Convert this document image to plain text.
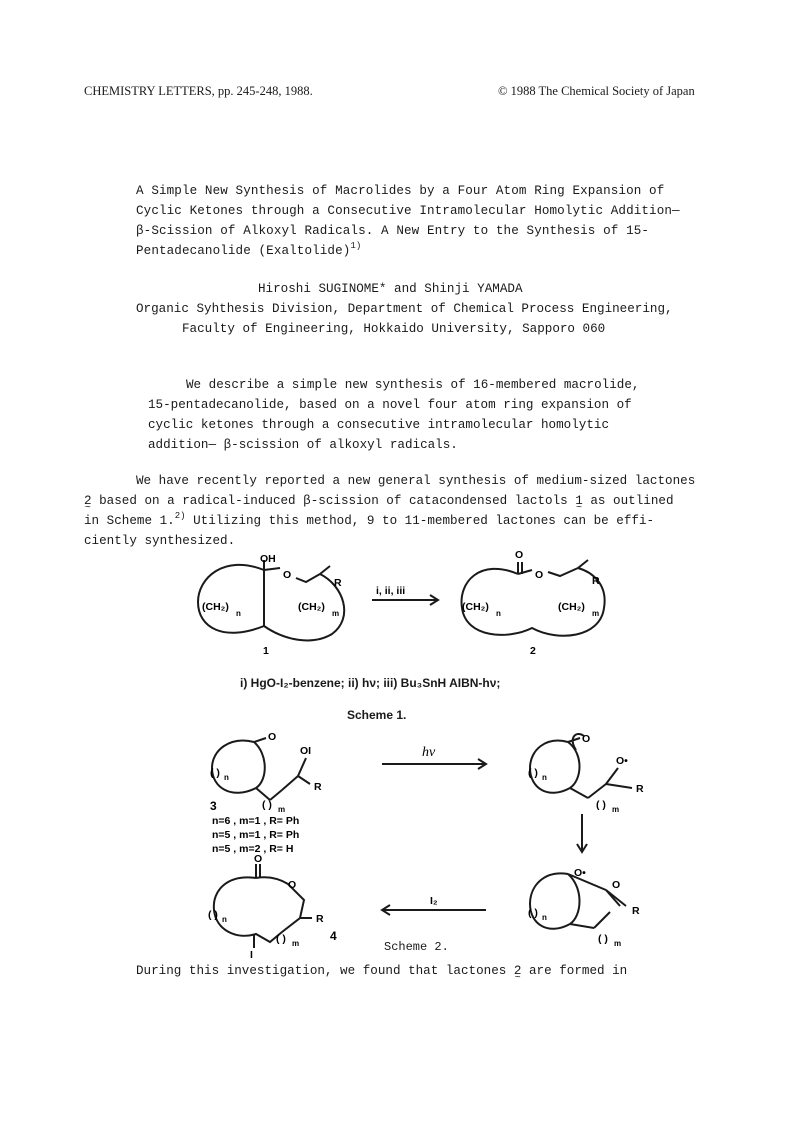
CHEMISTRY LETTERS, pp. 245-248, 1988.	© 1988 The Chemical Society of Japan
A Simple New Synthesis of Macrolides by a Four Atom Ring Expansion of
Cyclic Ketones through a Consecutive Intramolecular Homolytic Addition—
β-Scission of Alkoxyl Radicals. A New Entry to the Synthesis of 15-
Pentadecanolide (Exaltolide)$^{1)}$
Hiroshi SUGINOME* and Shinji YAMADA
Organic Syhthesis Division, Department of Chemical Process Engineering,
Faculty of Engineering, Hokkaido University, Sapporo 060
We describe a simple new synthesis of 16-membered macrolide,
15-pentadecanolide, based on a novel four atom ring expansion of
cyclic ketones through a consecutive intramolecular homolytic
addition— β-scission of alkoxyl radicals.
We have recently reported a new general synthesis of medium-sized lactones
2 ~ based on a radical-induced β-scission of catacondensed lactols 1 ~ as outlined
in Scheme 1.$^{2)}$ Utilizing this method, 9 to 11-membered lactones can be effi-
ciently synthesized.
OH
O
R
(CH₂)
n
(CH₂)
m
i, ii, iii
O
O	R
(CH₂)
n
(CH₂)
m
1	2
i) HgO-I₂-benzene; ii) hν; iii) Bu₃SnH AIBN-hν;
Scheme 1.
O
OI
R
( ) n
( ) m
3
n=6 , m=1 , R= Ph
n=5 , m=1 , R= Ph
n=5 , m=2 , R= H
hν
O
O•
R
( ) n
( ) m
O•
O
R
( ) n
( ) m
I₂
O
O
R
( ) n
( ) m
I
4
Scheme 2.
During this investigation, we found that lactones 2 ~ are formed in
